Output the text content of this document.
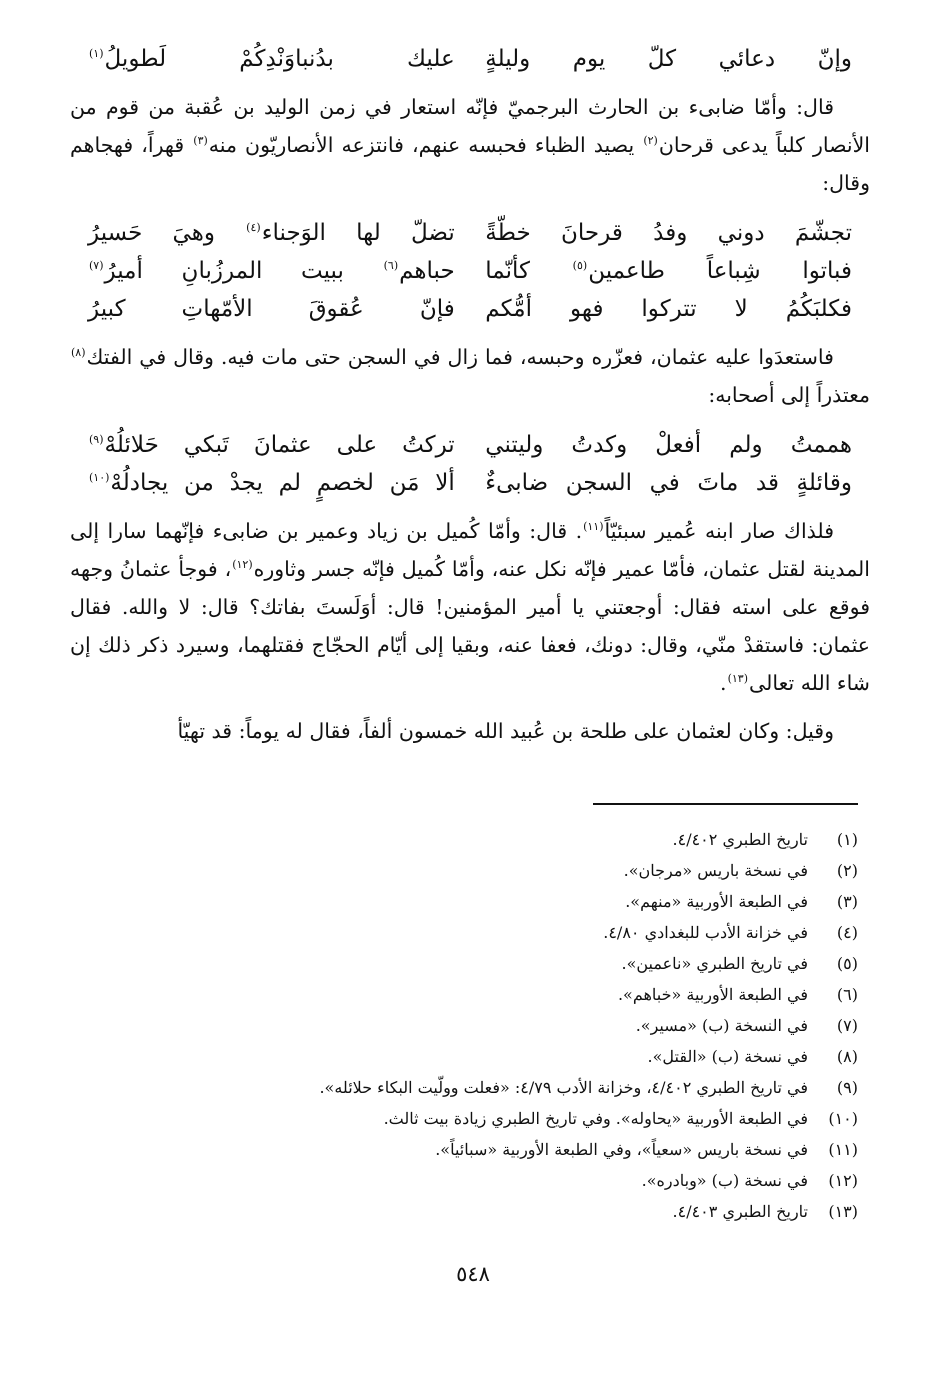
وإنّ دعائي كلّ يوم وليلةٍ
عليك بدُنباوَنْدِكُمْ لَطويلُ$^{(١)}$

قال: وأمّا ضابىء بن الحارث البرجميّ فإنّه استعار في زمن الوليد بن عُقبة من قوم من الأنصار كلباً يدعى قرحان$^{(٢)}$ يصيد الظباء فحبسه عنهم، فانتزعه الأنصاريّون منه$^{(٣)}$ قهراً، فهجاهم وقال:

تجشّمَ دوني وفدُ قرحانَ خطّةً
تضلّ لها الوَجناء$^{(٤)}$ وهيَ حَسيرُ
فباتوا شِباعاً طاعمين$^{(٥)}$ كأنّما
حباهم$^{(٦)}$ ببيت المرزُبانِ أميرُ$^{(٧)}$
فكلبَكُمُ لا تتركوا فهو أمُّكم
فإنّ عُقوقَ الأمّهاتِ كبيرُ

فاستعدَوا عليه عثمان، فعزّره وحبسه، فما زال في السجن حتى مات فيه. وقال في الفتك$^{(٨)}$ معتذراً إلى أصحابه:

هممتُ ولم أفعلْ وكدتُ وليتني
تركتُ على عثمانَ تَبكي حَلائلُهْ$^{(٩)}$
وقائلةٍ قد ماتَ في السجن ضابىءٌ
ألا مَن لخصمٍ لم يجدْ من يجادلُهْ$^{(١٠)}$

فلذاك صار ابنه عُمير سبئيّاً$^{(١١)}$. قال: وأمّا كُميل بن زياد وعمير بن ضابىء فإنّهما سارا إلى المدينة لقتل عثمان، فأمّا عمير فإنّه نكل عنه، وأمّا كُميل فإنّه جسر وثاوره$^{(١٢)}$، فوجأ عثمانُ وجهه فوقع على استه فقال: أوجعتني يا أمير المؤمنين! قال: أوَلَستَ بفاتك؟ قال: لا والله. فقال عثمان: فاستقدْ منّي، وقال: دونك، فعفا عنه، وبقيا إلى أيّام الحجّاج فقتلهما، وسيرد ذكر ذلك إن شاء الله تعالى$^{(١٣)}$.

وقيل: وكان لعثمان على طلحة بن عُبيد الله خمسون ألفاً، فقال له يوماً: قد تهيّأ

(١)
تاريخ الطبري ٤/٤٠٢.
(٢)
في نسخة باريس «مرجان».
(٣)
في الطبعة الأوربية «منهم».
(٤)
في خزانة الأدب للبغدادي ٤/٨٠.
(٥)
في تاريخ الطبري «ناعمين».
(٦)
في الطبعة الأوربية «خباهم».
(٧)
في النسخة (ب) «مسير».
(٨)
في نسخة (ب) «القتل».
(٩)
في تاريخ الطبري ٤/٤٠٢، وخزانة الأدب ٤/٧٩: «فعلت وولّيت البكاء حلائله».
(١٠)
في الطبعة الأوربية «يحاوله». وفي تاريخ الطبري زيادة بيت ثالث.
(١١)
في نسخة باريس «سعياً»، وفي الطبعة الأوربية «سبائياً».
(١٢)
في نسخة (ب) «وبادره».
(١٣)
تاريخ الطبري ٤/٤٠٣.
٥٤٨
